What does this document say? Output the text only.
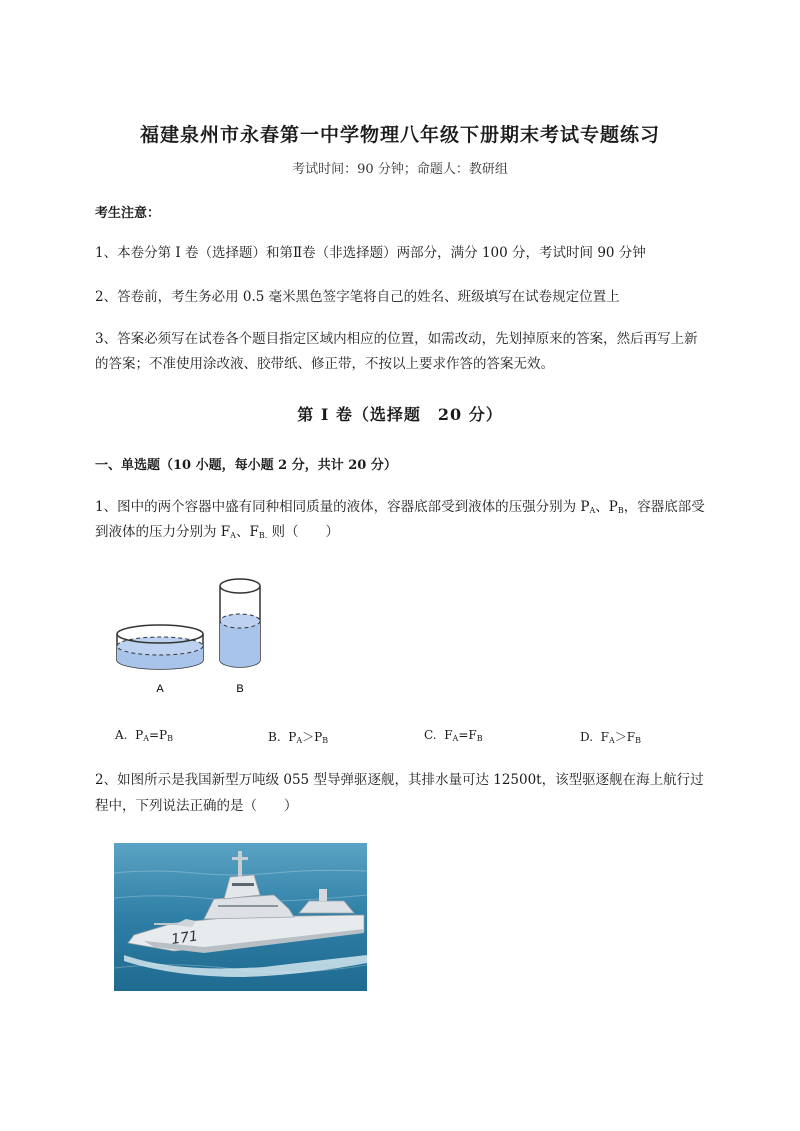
福建泉州市永春第一中学物理八年级下册期末考试专题练习
考试时间：90 分钟；命题人：教研组
考生注意：
1、本卷分第 I 卷（选择题）和第Ⅱ卷（非选择题）两部分，满分 100 分，考试时间 90 分钟
2、答卷前，考生务必用 0.5 毫米黑色签字笔将自己的姓名、班级填写在试卷规定位置上
3、答案必须写在试卷各个题目指定区域内相应的位置，如需改动，先划掉原来的答案，然后再写上新
的答案；不准使用涂改液、胶带纸、修正带，不按以上要求作答的答案无效。
第 I 卷（选择题　20 分）
一、单选题（10 小题，每小题 2 分，共计 20 分）
1、图中的两个容器中盛有同种相同质量的液体，容器底部受到液体的压强分别为 $P_A$、$P_B$，容器底部受
到液体的压力分别为 $F_A$、$F_{B.}$ 则（　　）
A	B
A. $P_A=P_B$	B. $P_A>P_B$	C. $F_A=F_B$	D. $F_A>F_B$
2、如图所示是我国新型万吨级 055 型导弹驱逐舰，其排水量可达 12500t，该型驱逐舰在海上航行过
程中，下列说法正确的是（　　）
171
